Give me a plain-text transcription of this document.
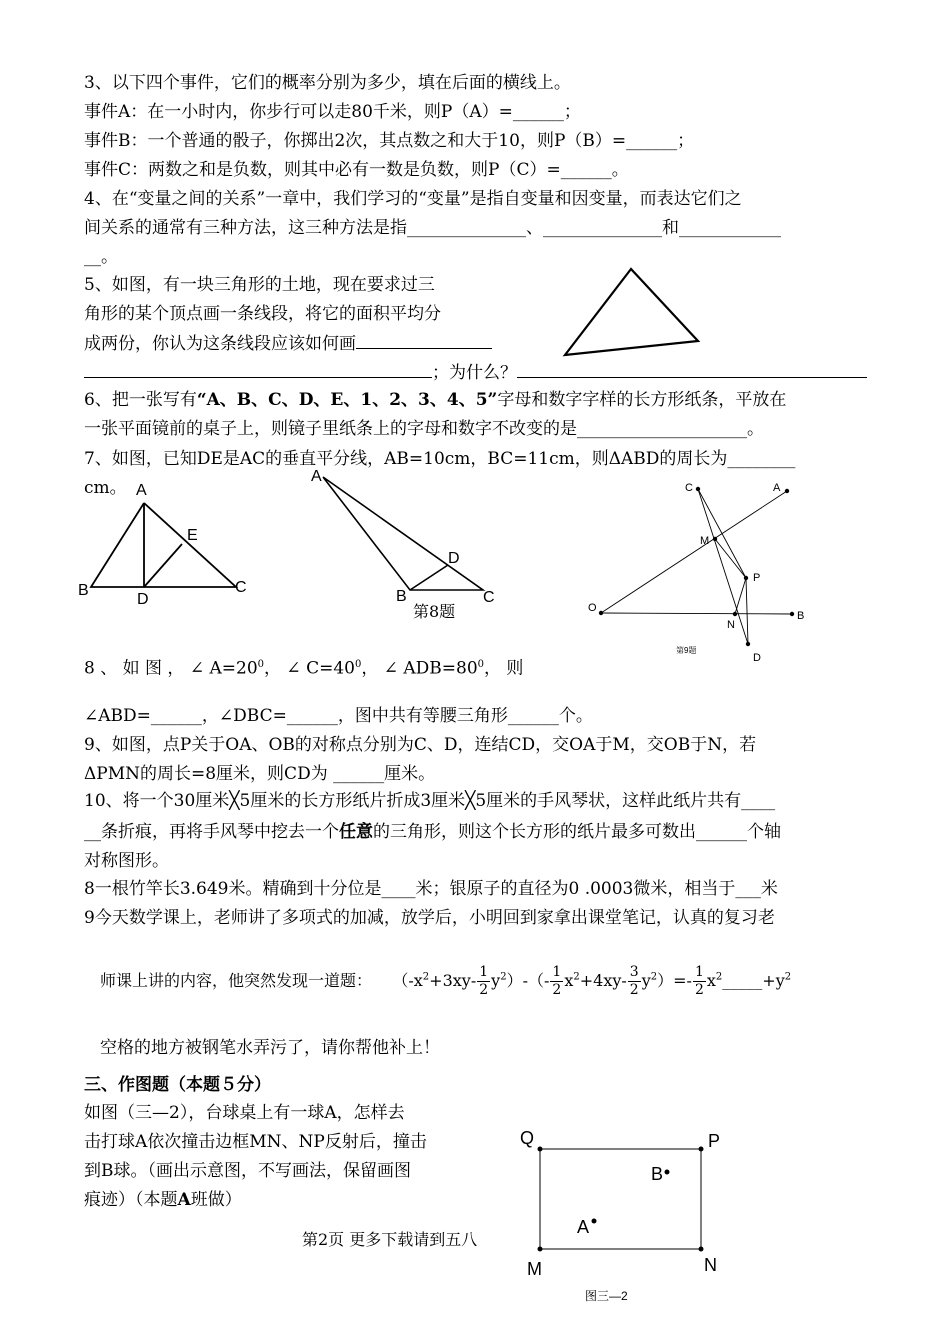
3、以下四个事件，它们的概率分别为多少，填在后面的横线上。
事件A：在一小时内，你步行可以走80千米，则P（A）=______；
事件B：一个普通的骰子，你掷出2次，其点数之和大于10，则P（B）=______；
事件C：两数之和是负数，则其中必有一数是负数，则P（C）=______。
4、在“变量之间的关系”一章中，我们学习的“变量”是指自变量和因变量，而表达它们之
间关系的通常有三种方法，这三种方法是指______________、______________和____________
__。
5、如图，有一块三角形的土地，现在要求过三
角形的某个顶点画一条线段，将它的面积平均分
成两份，你认为这条线段应该如何画
；为什么？
6、把一张写有“A、B、C、D、E、1、2、3、4、5”字母和数字字样的长方形纸条，平放在
一张平面镜前的桌子上，则镜子里纸条上的字母和数字不改变的是____________________。
7、如图，已知DE是AC的垂直平分线，AB=10cm，BC=11cm，则ΔABD的周长为________
cm。 A
B	C
D
E
A
B	C
D
第8题
C	A
M
P
O
N
B
D
第9题
8 、 如 图 ， ∠ $A=20^0$， ∠ $C=40^0$， ∠ $ADB=80^0$， 则
∠ABD=______，∠DBC=______，图中共有等腰三角形______个。
9、如图，点P关于OA、OB的对称点分别为C、D，连结CD，交OA于M，交OB于N，若
ΔPMN的周长=8厘米，则CD为 ______厘米。
10、将一个30厘米╳5厘米的长方形纸片折成3厘米╳5厘米的手风琴状，这样此纸片共有____
__条折痕，再将手风琴中挖去一个任意的三角形，则这个长方形的纸片最多可数出______个轴
对称图形。
8一根竹竿长3.649米。精确到十分位是____米；银原子的直径为0 .0003微米，相当于___米
9今天数学课上，老师讲了多项式的加减，放学后，小明回到家拿出课堂笔记，认真的复习老
师课上讲的内容，他突然发现一道题： $(-x^2+3xy- \frac{1}{2} y^2)-(- \frac{1}{2} x^2+4xy- \frac{3}{2} y^2)=- \frac{1}{2}$ $x^2\_\_\_\_\_+y^2$
空格的地方被钢笔水弄污了，请你帮他补上！
三、作图题（本题５分）
如图（三—2），台球桌上有一球A，怎样去
击打球A依次撞击边框MN、NP反射后，撞击
到B球。（画出示意图，不写画法，保留画图
痕迹）（本题A班做）
第2页 更多下载请到五八
Q	P
M	N
B
A
图三—2
